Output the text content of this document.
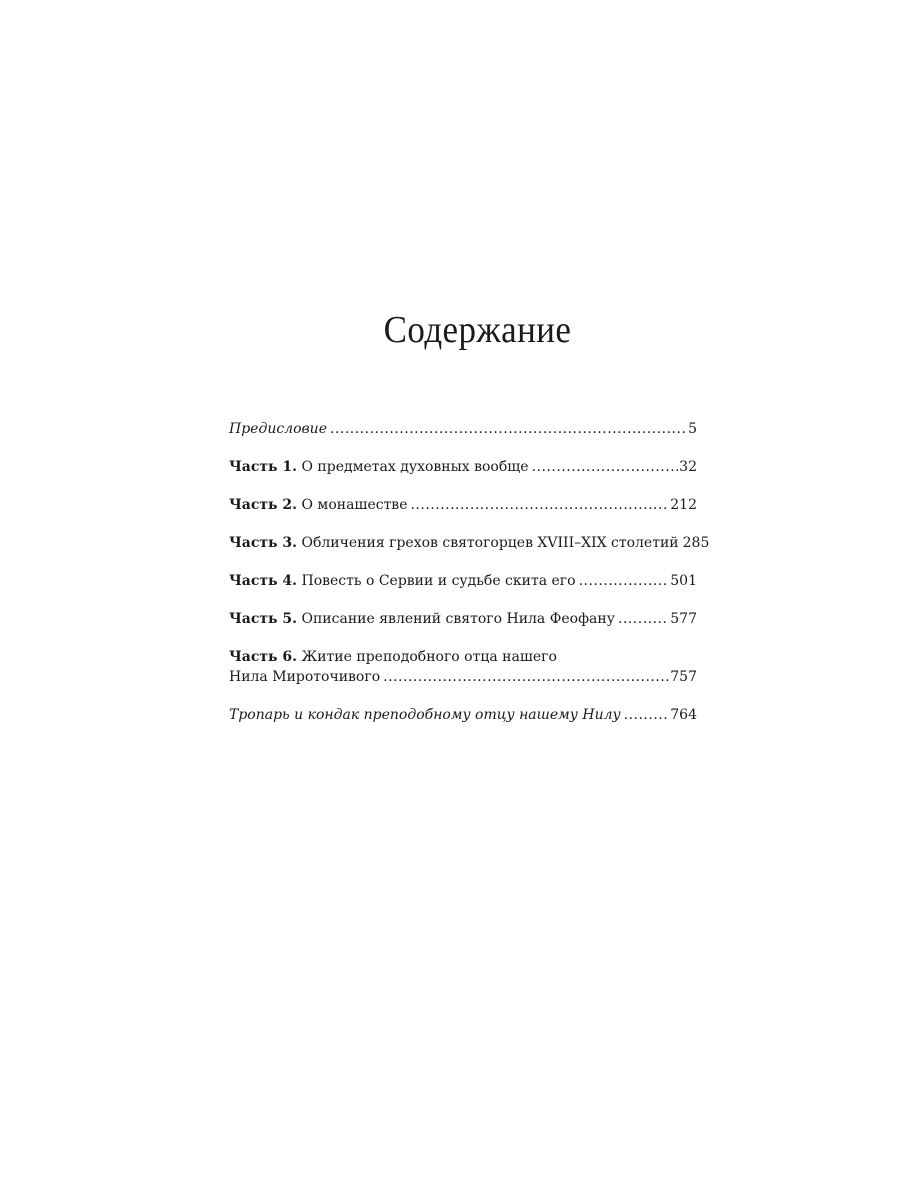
Содержание
Предисловие .....	5
Часть 1. О предметах духовных вообще .....	32
Часть 2. О монашестве .....	212
Часть 3. Обличения грехов святогорцев XVIII–XIX столетий 285
Часть 4. Повесть о Сервии и судьбе скита его .....	501
Часть 5. Описание явлений святого Нила Феофану .....	577
Часть 6. Житие преподобного отца нашего
Нила Мироточивого .....	757
Тропарь и кондак преподобному отцу нашему Нилу .....	764
